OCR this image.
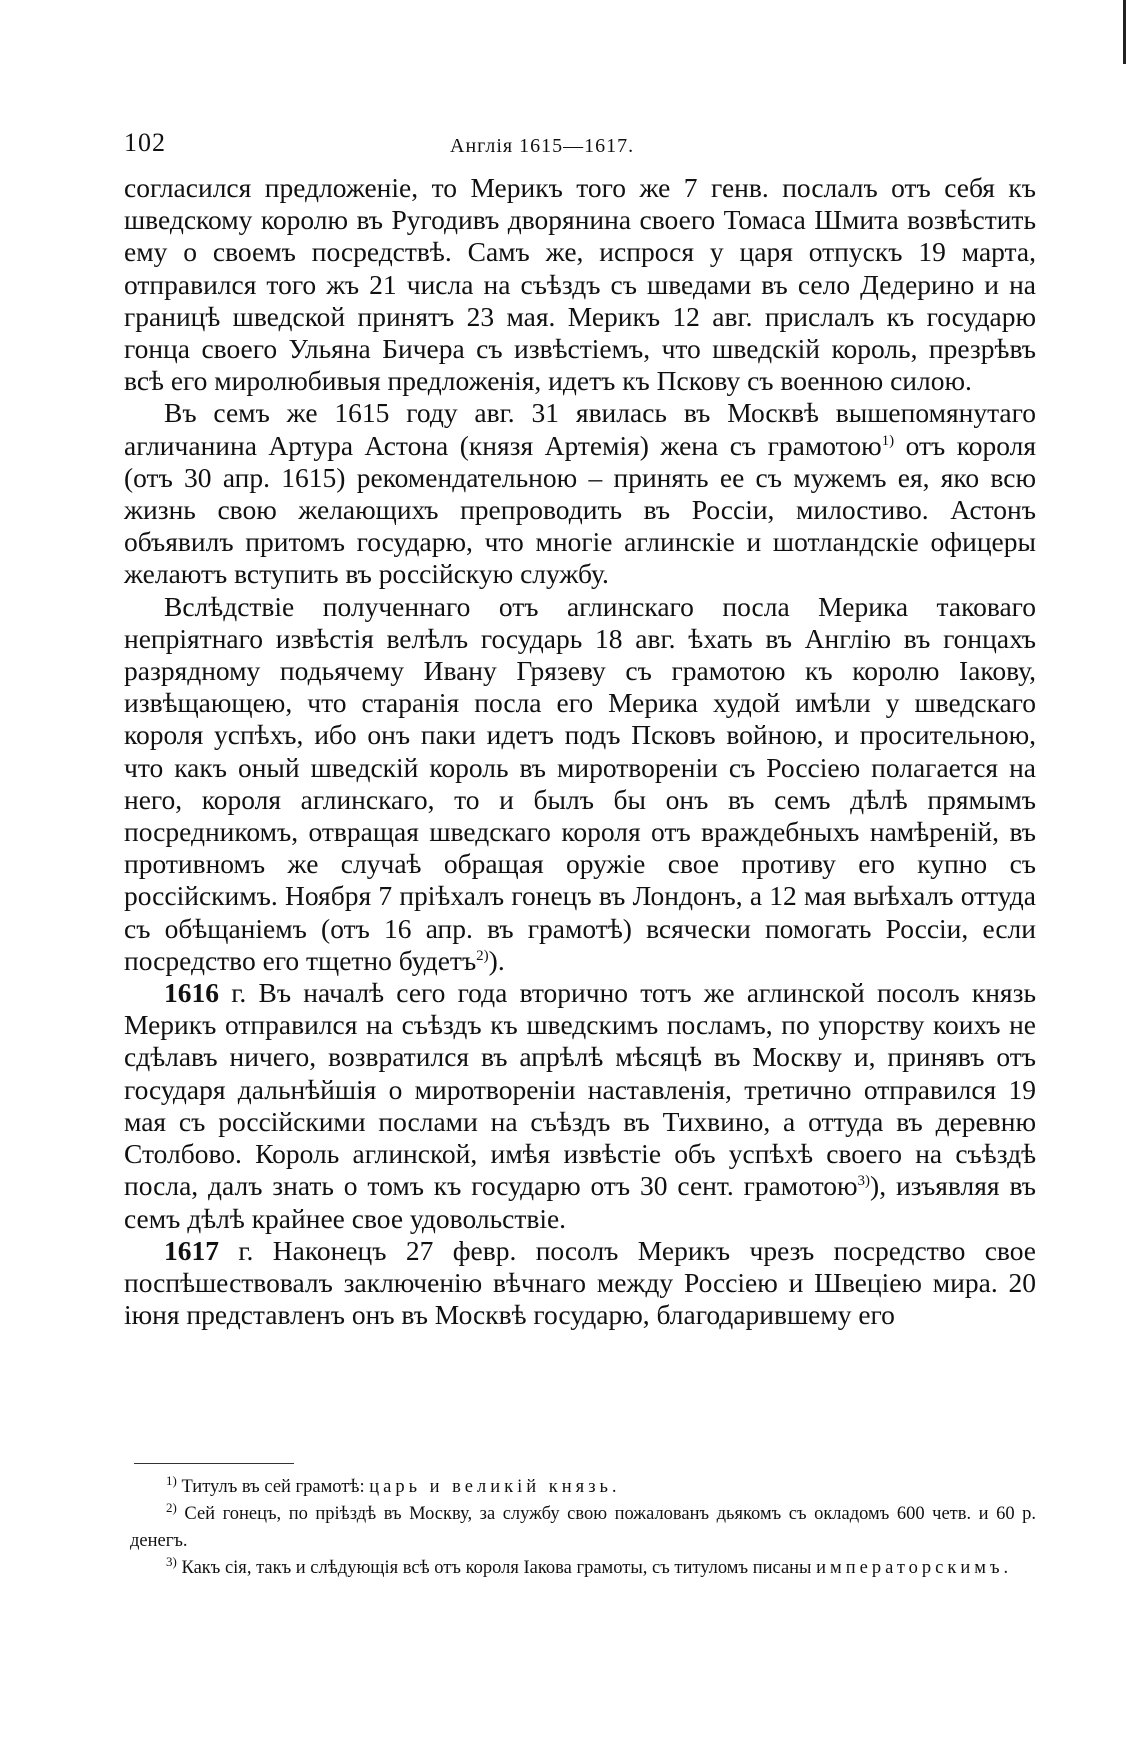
102	Англія 1615—1617.

согласился предложеніе, то Мерикъ того же 7 генв. послалъ отъ себя къ шведскому королю въ Ругодивъ дворянина своего Томаса Шмита возвѣстить ему о своемъ посредствѣ. Самъ же, испрося у царя отпускъ 19 марта, отправился того жъ 21 числа на съѣздъ съ шведами въ село Дедерино и на границѣ шведской принятъ 23 мая. Мерикъ 12 авг. прислалъ къ государю гонца своего Ульяна Бичера съ извѣстіемъ, что шведскій король, презрѣвъ всѣ его миролюбивыя предложенія, идетъ къ Пскову съ военною силою.

Въ семъ же 1615 году авг. 31 явилась въ Москвѣ вышепомянутаго агличанина Артура Астона (князя Артемія) жена съ грамотою$^{1)}$ отъ короля (отъ 30 апр. 1615) рекомендательною – принять ее съ мужемъ ея, яко всю жизнь свою желающихъ препроводить въ Россіи, милостиво. Астонъ объявилъ притомъ государю, что многіе аглинскіе и шотландскіе офицеры желаютъ вступить въ россійскую службу.

Вслѣдствіе полученнаго отъ аглинскаго посла Мерика таковаго непріятнаго извѣстія велѣлъ государь 18 авг. ѣхать въ Англію въ гонцахъ разрядному подьячему Ивану Грязеву съ грамотою къ королю Іакову, извѣщающею, что старанія посла его Мерика худой имѣли у шведскаго короля успѣхъ, ибо онъ паки идетъ подъ Псковъ войною, и просительною, что какъ оный шведскій король въ миротвореніи съ Россіею полагается на него, короля аглинскаго, то и былъ бы онъ въ семъ дѣлѣ прямымъ посредникомъ, отвращая шведскаго короля отъ враждебныхъ намѣреній, въ противномъ же случаѣ обращая оружіе свое противу его купно съ россійскимъ. Ноября 7 пріѣхалъ гонецъ въ Лондонъ, а 12 мая выѣхалъ оттуда съ обѣщаніемъ (отъ 16 апр. въ грамотѣ) всячески помогать Россіи, если посредство его тщетно будетъ$^{2)}$).

1616 г. Въ началѣ сего года вторично тотъ же аглинской посолъ князь Мерикъ отправился на съѣздъ къ шведскимъ посламъ, по упорству коихъ не сдѣлавъ ничего, возвратился въ апрѣлѣ мѣсяцѣ въ Москву и, принявъ отъ государя дальнѣйшія о миротвореніи наставленія, третично отправился 19 мая съ россійскими послами на съѣздъ въ Тихвино, а оттуда въ деревню Столбово. Король аглинской, имѣя извѣстіе объ успѣхѣ своего на съѣздѣ посла, далъ знать о томъ къ государю отъ 30 сент. грамотою$^{3)}$), изъявляя въ семъ дѣлѣ крайнее свое удовольствіе.

1617 г. Наконецъ 27 февр. посолъ Мерикъ чрезъ посредство свое поспѣшествовалъ заключенію вѣчнаго между Россіею и Швеціею мира. 20 іюня представленъ онъ въ Москвѣ государю, благодарившему его

$^{1)}$ Титулъ въ сей грамотѣ: царь и великій князь.

$^{2)}$ Сей гонецъ, по пріѣздѣ въ Москву, за службу свою пожалованъ дьякомъ съ окладомъ 600 четв. и 60 р. денегъ.

$^{3)}$ Какъ сія, такъ и слѣдующія всѣ отъ короля Іакова грамоты, съ титуломъ писаны императорскимъ.
